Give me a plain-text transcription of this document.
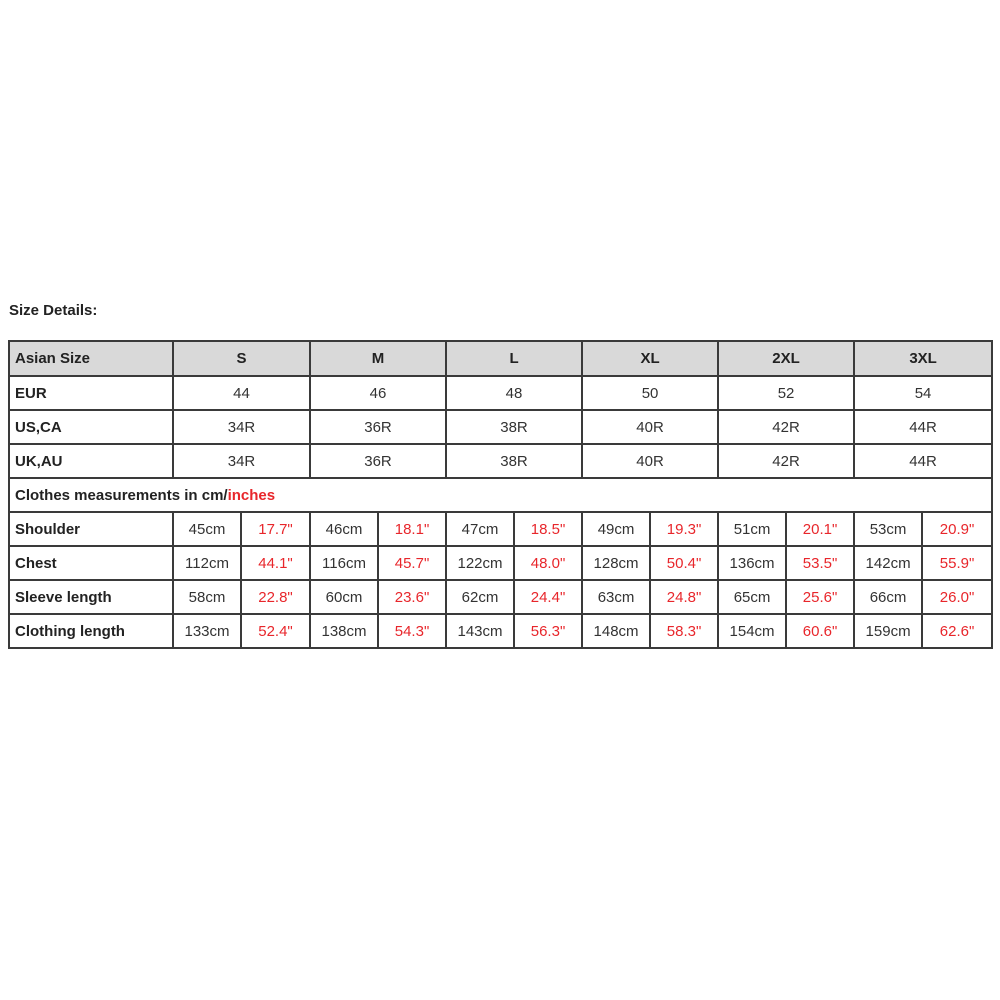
Size Details:
Asian Size	S		M		L		XL		2XL		3XL	
EUR	44		46		48		50		52		54	
US,CA	34R		36R		38R		40R		42R		44R	
UK,AU	34R		36R		38R		40R		42R		44R	
Clothes measurements in cm/inches												
Shoulder	45cm	17.7"	46cm	18.1"	47cm	18.5"	49cm	19.3"	51cm	20.1"	53cm	20.9"
Chest	112cm	44.1"	116cm	45.7"	122cm	48.0"	128cm	50.4"	136cm	53.5"	142cm	55.9"
Sleeve length	58cm	22.8"	60cm	23.6"	62cm	24.4"	63cm	24.8"	65cm	25.6"	66cm	26.0"
Clothing length	133cm	52.4"	138cm	54.3"	143cm	56.3"	148cm	58.3"	154cm	60.6"	159cm	62.6"
